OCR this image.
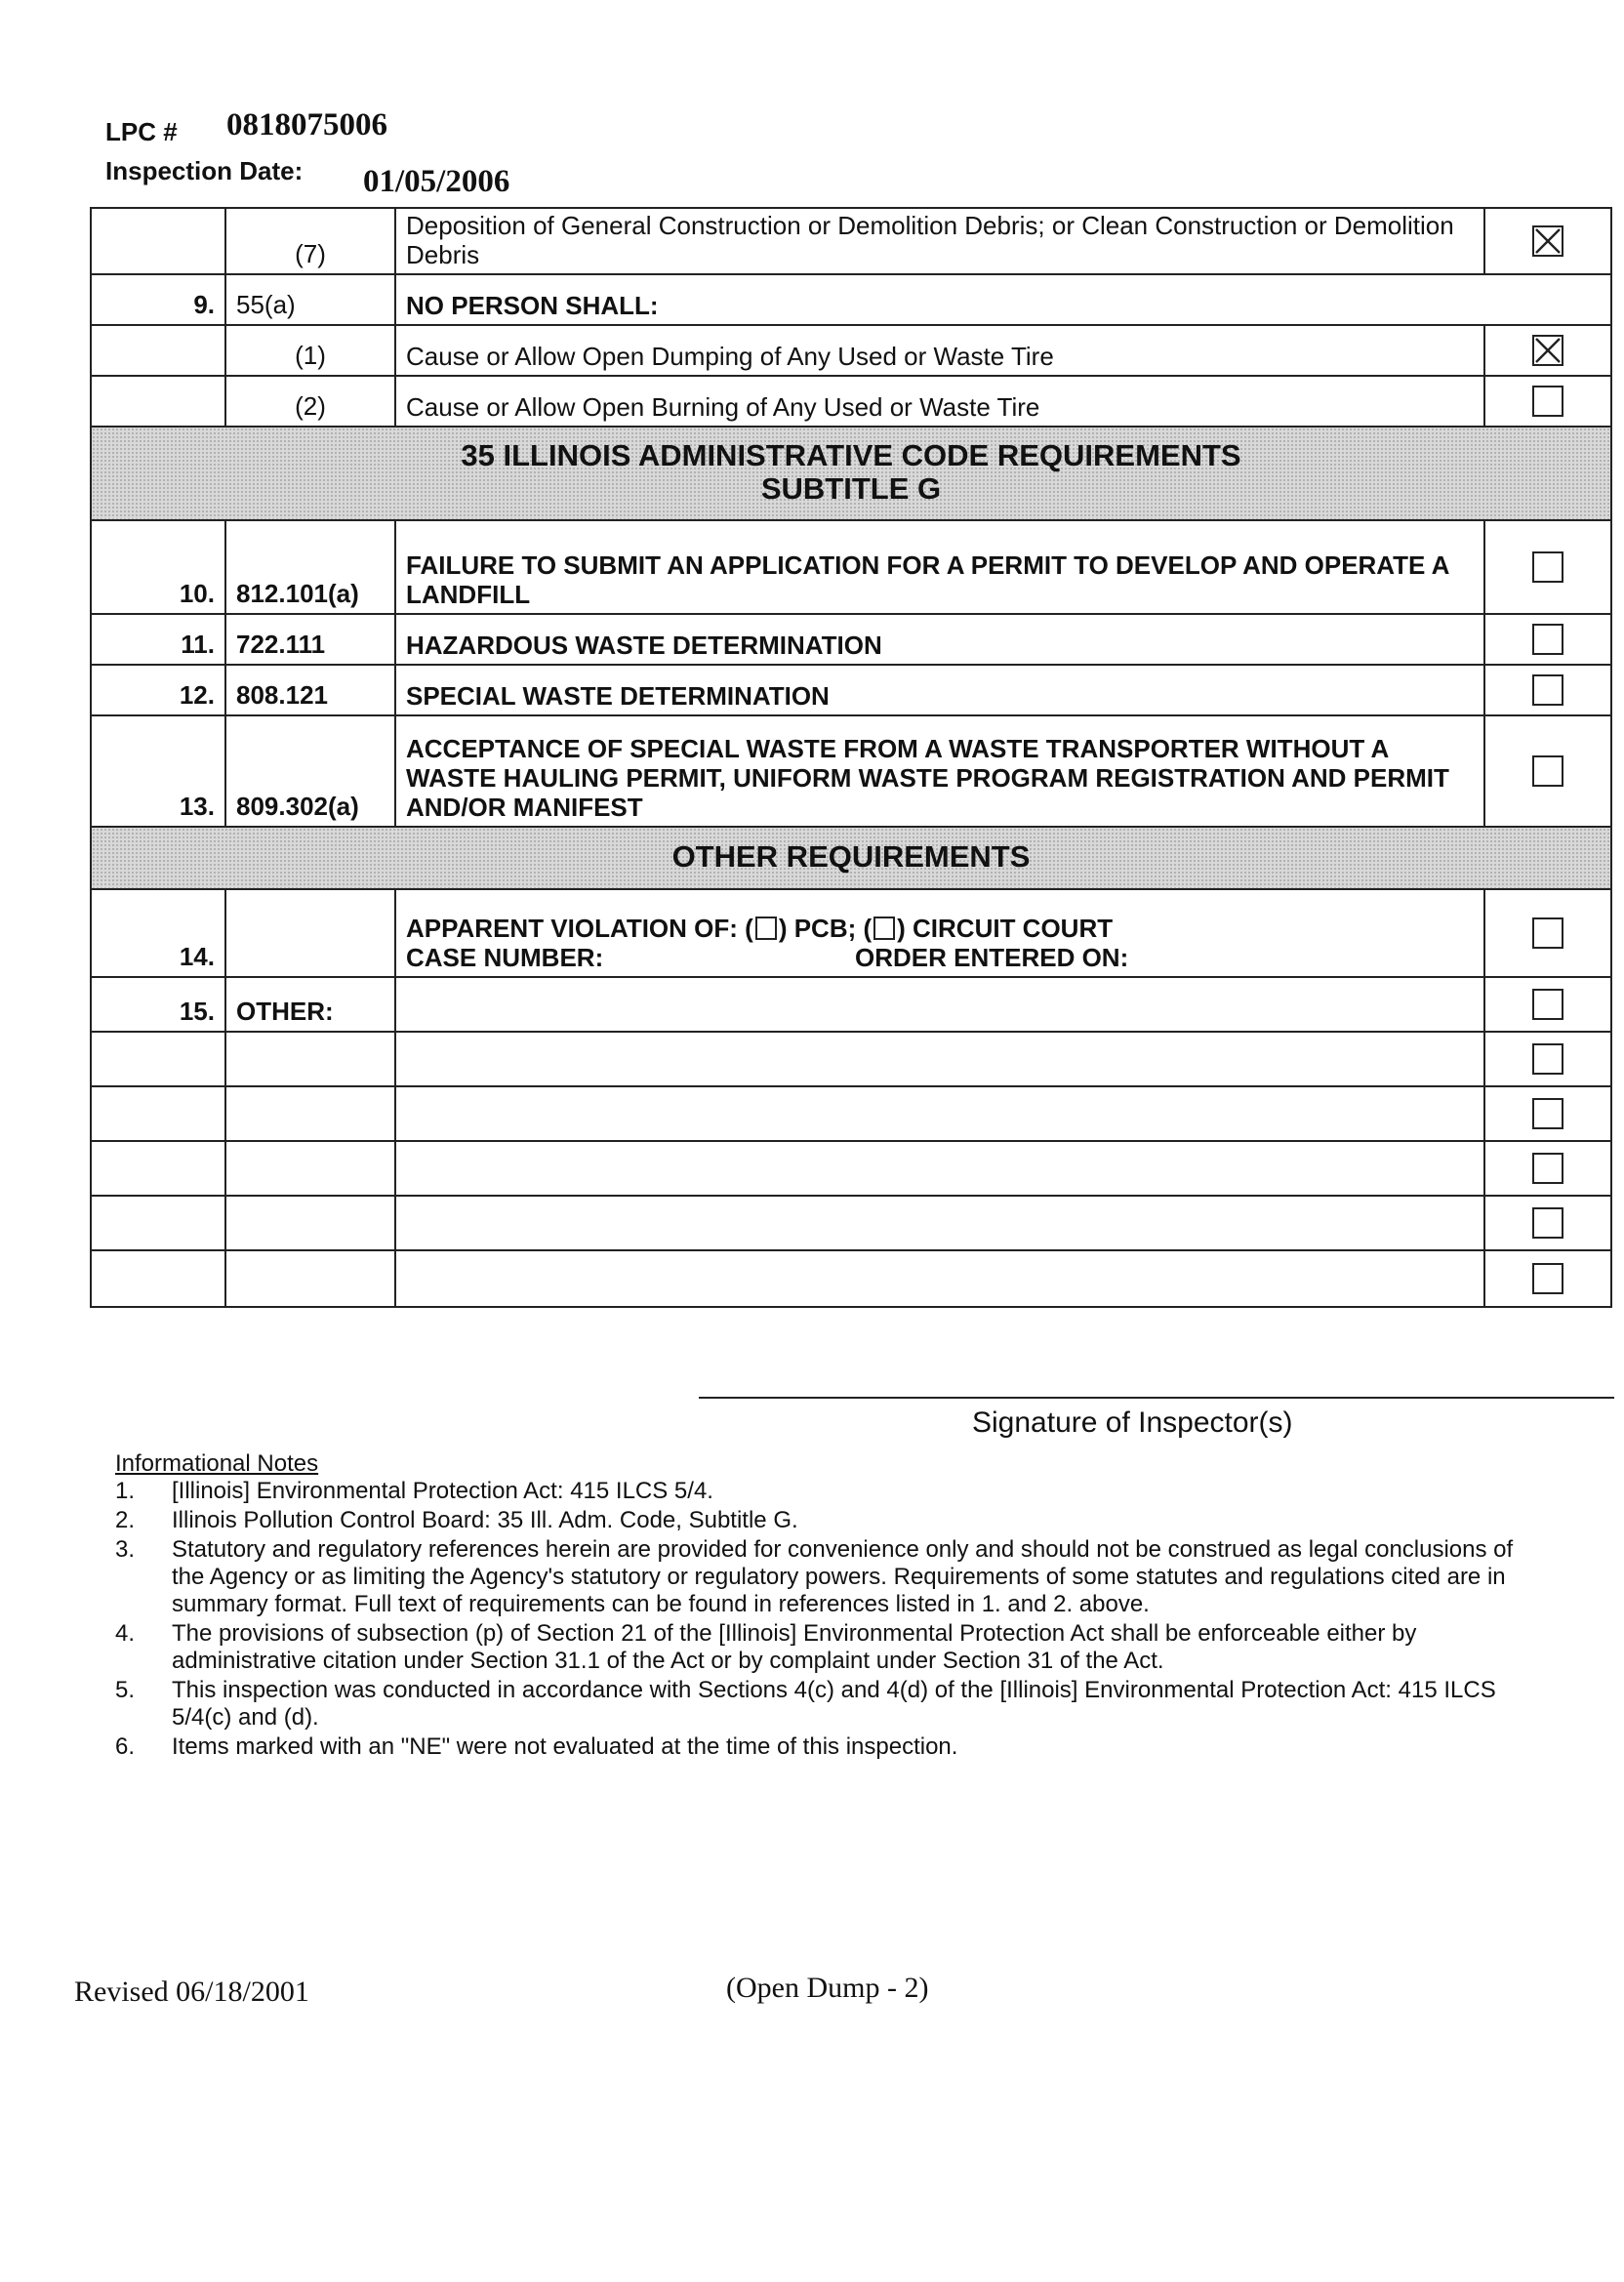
LPC # 0818075006
Inspection Date: 01/05/2006
	(7)	Deposition of General Construction or Demolition Debris; or Clean Construction or Demolition Debris	

9.	55(a)	NO PERSON SHALL:	
	(1)	Cause or Allow Open Dumping of Any Used or Waste Tire	

	(2)	Cause or Allow Open Burning of Any Used or Waste Tire	

35 ILLINOIS ADMINISTRATIVE CODE REQUIREMENTS
SUBTITLE G			

10.	812.101(a)	FAILURE TO SUBMIT AN APPLICATION FOR A PERMIT TO DEVELOP AND OPERATE A LANDFILL	
11.	722.111	HAZARDOUS WASTE DETERMINATION	
12.	808.121	SPECIAL WASTE DETERMINATION	
13.	809.302(a)	ACCEPTANCE OF SPECIAL WASTE FROM A WASTE TRANSPORTER WITHOUT A WASTE HAULING PERMIT, UNIFORM WASTE PROGRAM REGISTRATION AND PERMIT AND/OR MANIFEST	
OTHER REQUIREMENTS			
14.		APPARENT VIOLATION OF: ( ) PCB; ( ) CIRCUIT COURT
CASE NUMBER: ORDER ENTERED ON:	

15.	OTHER:		

Signature of Inspector(s)
Informational Notes
1. [Illinois] Environmental Protection Act: 415 ILCS 5/4.
2. Illinois Pollution Control Board: 35 Ill. Adm. Code, Subtitle G.
3. Statutory and regulatory references herein are provided for convenience only and should not be construed as legal conclusions of the Agency or as limiting the Agency's statutory or regulatory powers. Requirements of some statutes and regulations cited are in summary format. Full text of requirements can be found in references listed in 1. and 2. above.
4. The provisions of subsection (p) of Section 21 of the [Illinois] Environmental Protection Act shall be enforceable either by administrative citation under Section 31.1 of the Act or by complaint under Section 31 of the Act.
5. This inspection was conducted in accordance with Sections 4(c) and 4(d) of the [Illinois] Environmental Protection Act: 415 ILCS 5/4(c) and (d).
6. Items marked with an "NE" were not evaluated at the time of this inspection.
Revised 06/18/2001	(Open Dump - 2)
